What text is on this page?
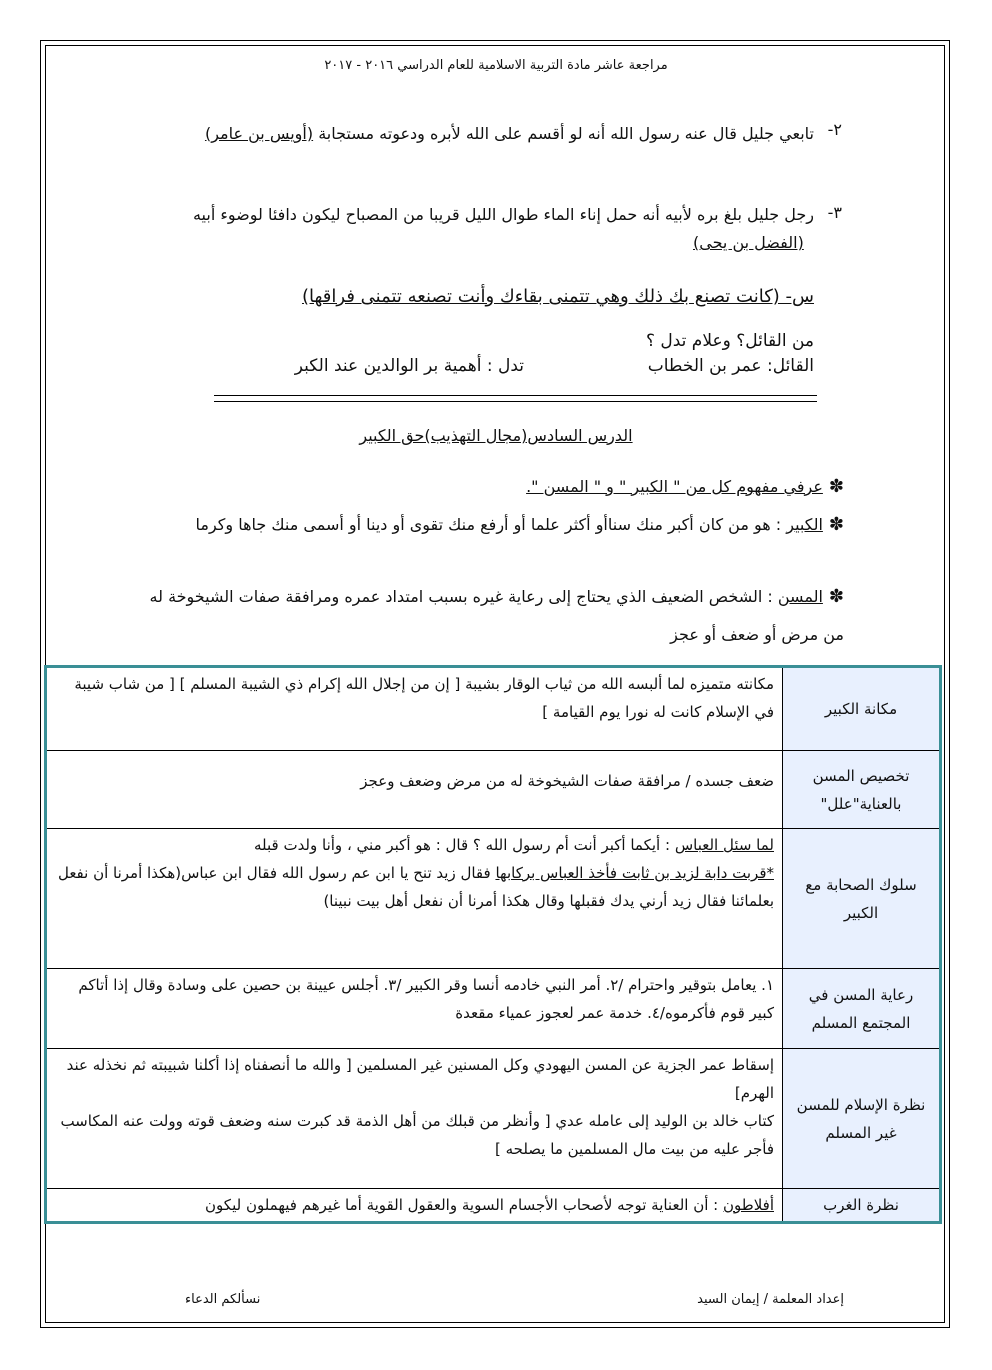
مراجعة عاشر مادة التربية الاسلامية للعام الدراسي ٢٠١٦ - ٢٠١٧
٢-
تابعي جليل قال عنه رسول الله أنه لو أقسم على الله لأبره ودعوته مستجابة (أويس بن عامر)
٣-
رجل جليل بلغ بره لأبيه أنه حمل إناء الماء طوال الليل قريبا من المصباح ليكون دافئا لوضوء أبيه   (الفضل بن يحى)
س- (كانت تصنع بك ذلك وهي تتمنى بقاءك وأنت تصنعه تتمنى فراقها)
من القائل؟ وعلام تدل ؟
القائل: عمر بن الخطاب
تدل : أهمية بر الوالدين عند الكبر
الدرس السادس(مجال التهذيب)حق الكبير
✽عرفي مفهوم كل من " الكبير " و " المسن ".
✽الكبير : هو من كان أكبر منك سناأو أكثر علما أو أرفع منك تقوى أو دينا أو أسمى منك جاها وكرما
✽المسن : الشخص الضعيف الذي يحتاج إلى رعاية غيره بسبب امتداد عمره ومرافقة صفات الشيخوخة له من مرض أو ضعف أو عجز
مكانة الكبير	مكانته متميزه لما ألبسه الله من ثياب الوقار بشيبة [ إن من إجلال الله إكرام ذي الشيبة المسلم ] [ من شاب شيبة في الإسلام كانت له نورا يوم القيامة ]
تخصيص المسن بالعناية"علل"	ضعف جسده / مرافقة صفات الشيخوخة له من مرض وضعف وعجز
سلوك الصحابة مع الكبير	لما سئل العباس : أيكما أكبر أنت أم رسول الله ؟ قال : هو أكبر مني ، وأنا ولدت قبله
*قربت دابة لزيد بن ثابت فأخذ العباس بركابها فقال زيد تنح يا ابن عم رسول الله فقال ابن عباس(هكذا أمرنا أن نفعل بعلمائنا فقال زيد أرني يدك فقبلها وقال هكذا أمرنا أن نفعل أهل بيت نبينا)
رعاية المسن في المجتمع المسلم	١. يعامل بتوقير واحترام /٢. أمر النبي خادمه أنسا وقر الكبير /٣. أجلس عيينة بن حصين على وسادة وقال إذا أتاكم كبير قوم فأكرموه/٤. خدمة عمر لعجوز عمياء مقعدة
نظرة الإسلام للمسن غير المسلم	إسقاط عمر الجزية عن المسن اليهودي وكل المسنين غير المسلمين [ والله ما أنصفناه إذا أكلنا شبيبته ثم نخذله عند الهرم]
كتاب خالد بن الوليد إلى عامله عدي [ وأنظر من قبلك من أهل الذمة قد كبرت سنه وضعف قوته وولت عنه المكاسب فأجر عليه من بيت مال المسلمين ما يصلحه ]
نظرة الغرب	أفلاطون : أن العناية توجه لأصحاب الأجسام السوية والعقول القوية أما غيرهم فيهملون ليكون
إعداد المعلمة / إيمان السيد
نسألكم الدعاء
